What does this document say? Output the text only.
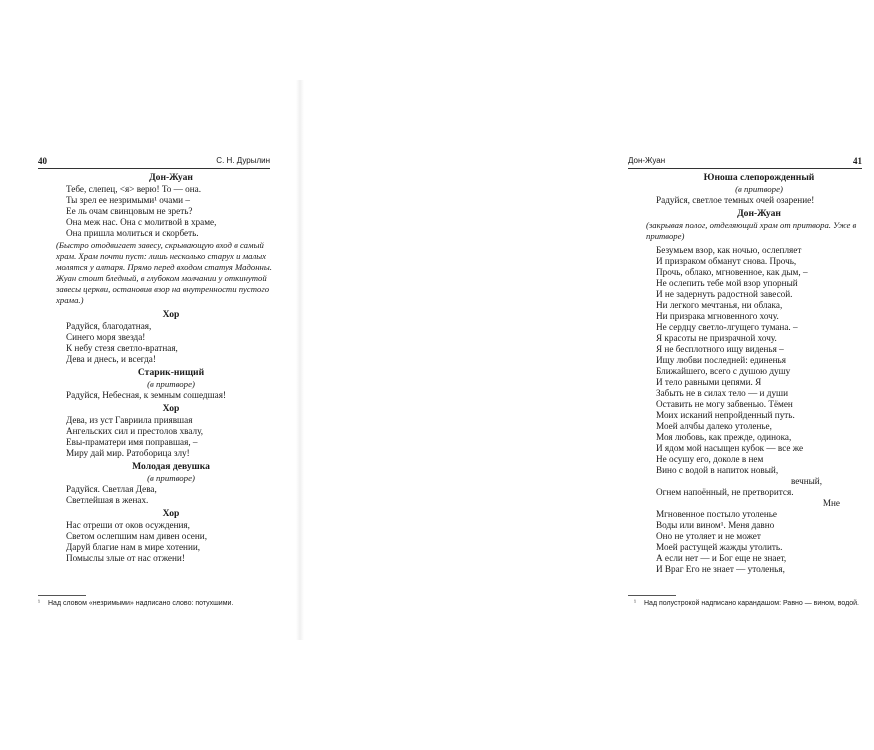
40	С. Н. Дурылин
Дон-Жуан
Тебе, слепец, <я> верю! То — она.
Ты зрел ее незримыми¹ очами –
Ее ль очам свинцовым не зреть?
Она меж нас. Она с молитвой в храме,
Она пришла молиться и скорбеть.
(Быстро отодвигает завесу, скрывающую вход в самый храм. Храм почти пуст: лишь несколько старух и малых молятся у алтаря. Прямо перед входом статуя Мадонны. Жуан стоит бледный, в глубоком молчании у откинутой завесы церкви, остановив взор на внутренности пустого храма.)
Хор
Радуйся, благодатная,
Синего моря звезда!
К небу стезя светло-вратная,
Дева и днесь, и всегда!
Старик-нищий
(в притворе)
Радуйся, Небесная, к земным сошедшая!
Хор
Дева, из уст Гавриила приявшая
Ангельских сил и престолов хвалу,
Евы-праматери имя поправшая, –
Миру дай мир. Ратоборица злу!
Молодая девушка
(в притворе)
Радуйся. Светлая Дева,
Светлейшая в женах.
Хор
Нас отреши от оков осуждения,
Светом ослепшим нам дивен осени,
Даруй благие нам в мире хотении,
Помыслы злые от нас отжени!
¹ Над словом «незримыми» надписано слово: потухшими.
Дон-Жуан	41
Юноша слепорожденный
(в притворе)
Радуйся, светлое темных очей озарение!
Дон-Жуан
(закрывая полог, отделяющий храм от притвора. Уже в притворе)
Безумьем взор, как ночью, ослепляет
И призраком обманут снова. Прочь,
Прочь, облако, мгновенное, как дым, –
Не ослепить тебе мой взор упорный
И не задернуть радостной завесой.
Ни легкого мечтанья, ни облака,
Ни призрака мгновенного хочу.
Не сердцу светло-лгущего тумана. –
Я красоты не призрачной хочу.
Я не бесплотного ищу виденья –
Ищу любви последней: единенья
Ближайшего, всего с душою душу
И тело равными цепями. Я
Забыть не в силах тело — и души
Оставить не могу забвенью. Тёмен
Моих исканий непройденный путь.
Моей алчбы далеко утоленье,
Моя любовь, как прежде, одинока,
И ядом мой насыщен кубок — все же
Не осушу его, доколе в нем
Вино с водой в напиток новый,
вечный,
Огнем напоённый, не претворится.
Мне
Мгновенное постыло утоленье
Воды или вином¹. Меня давно
Оно не утоляет и не может
Моей растущей жажды утолить.
А если нет — и Бог еще не знает,
И Враг Его не знает — утоленья,
¹ Над полустрокой надписано карандашом: Равно — вином, водой.
